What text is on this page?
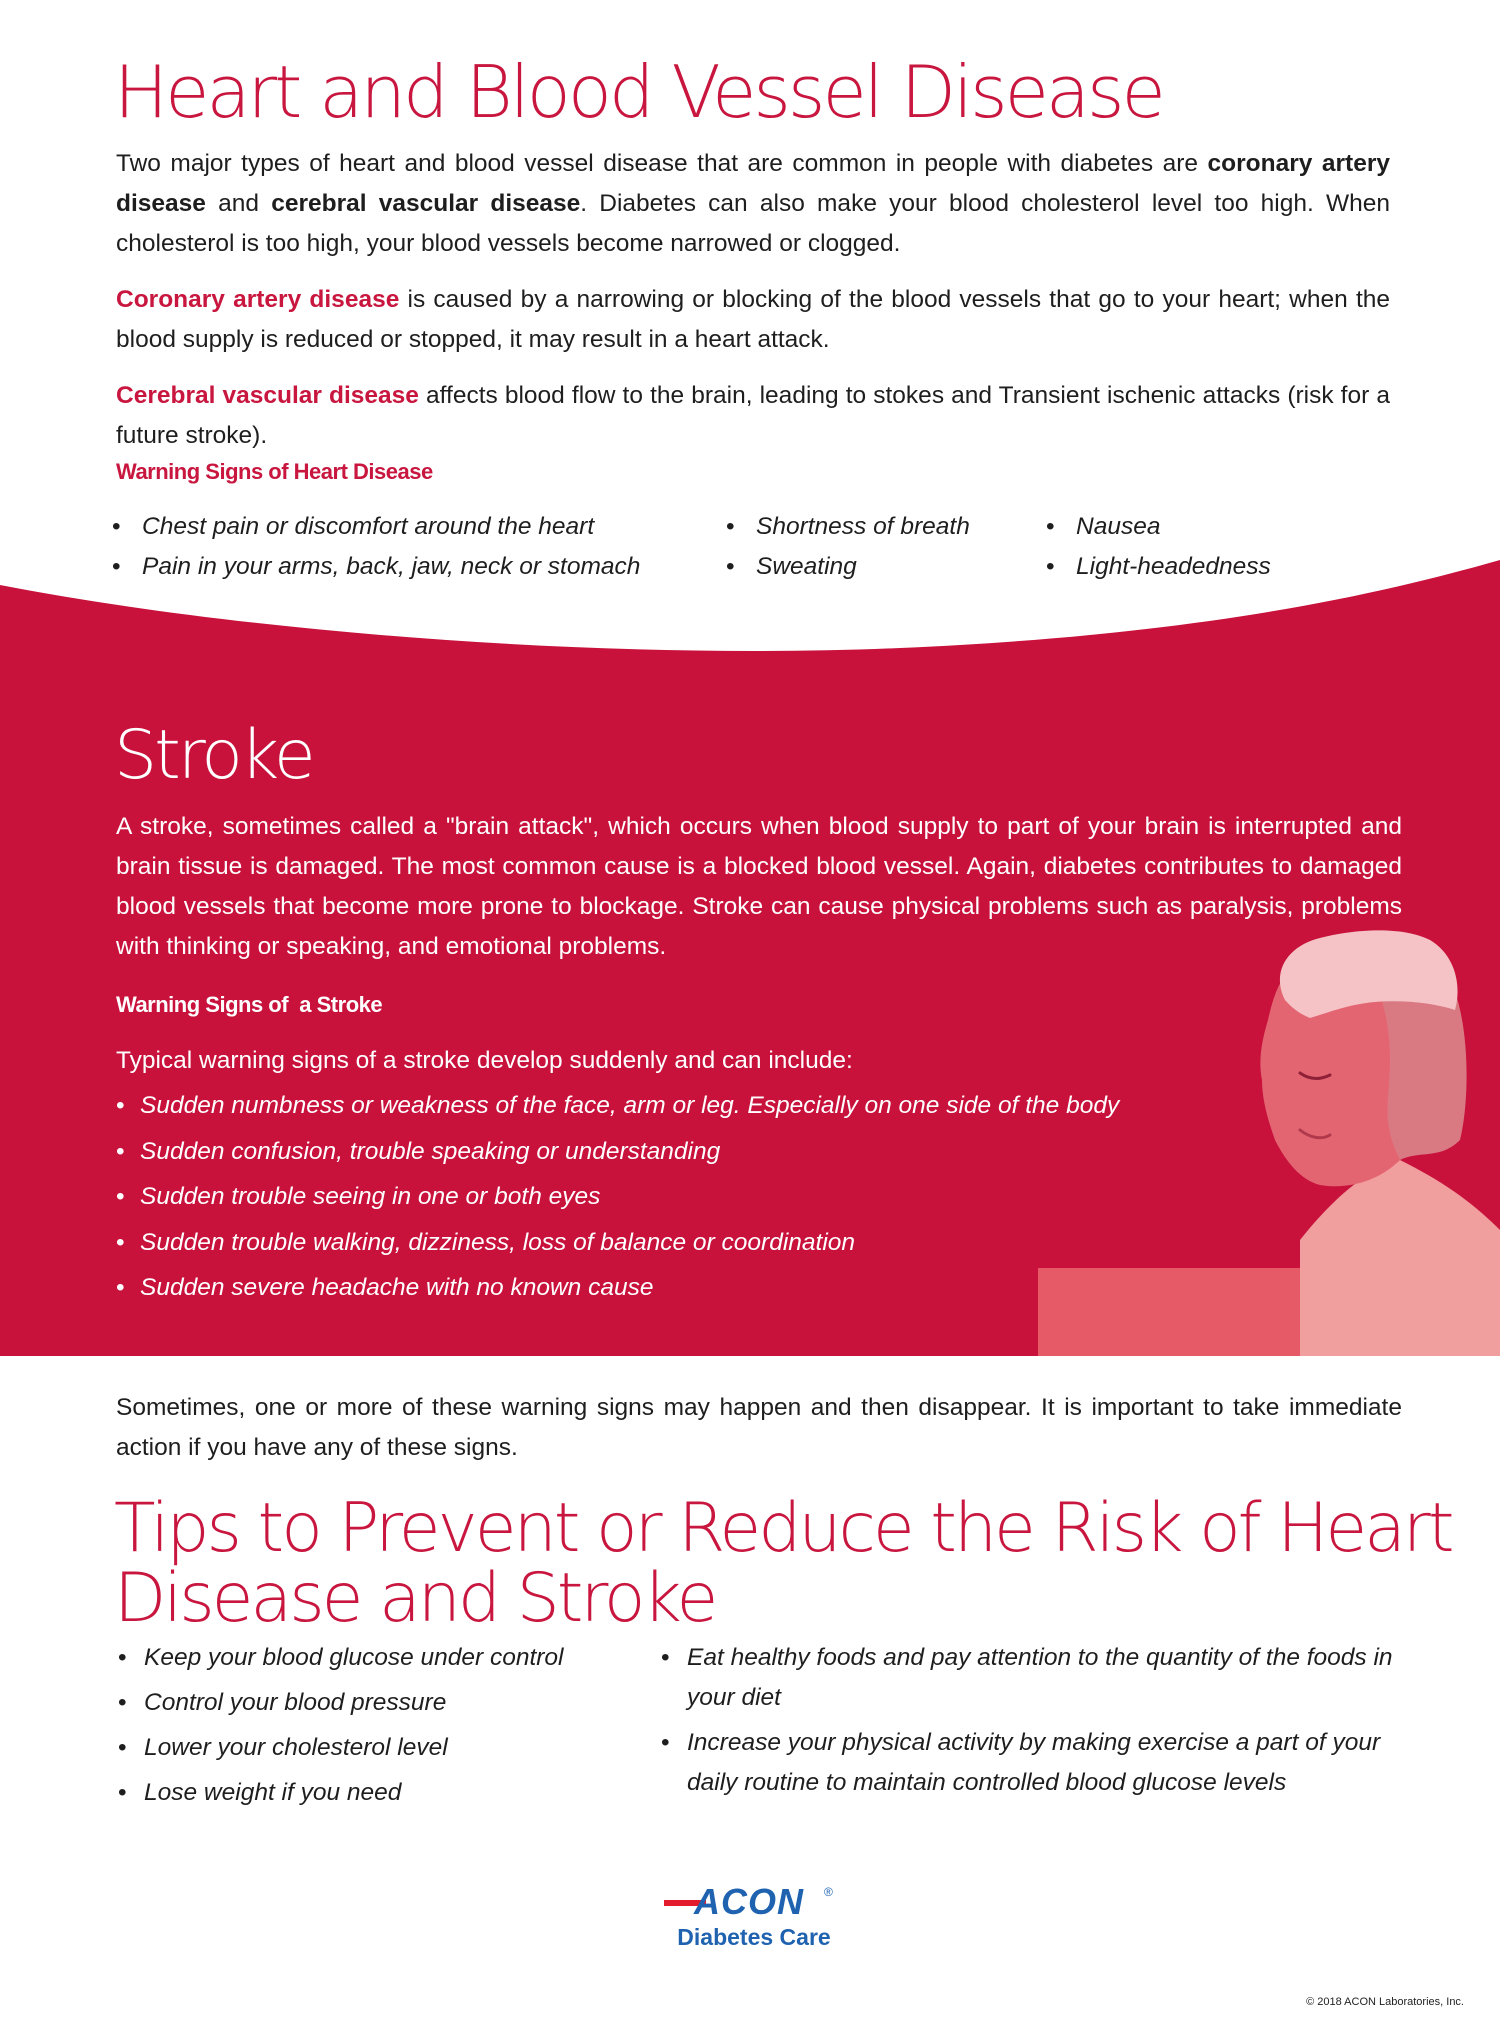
Heart and Blood Vessel Disease

Two major types of heart and blood vessel disease that are common in people with diabetes are coronary artery disease and cerebral vascular disease. Diabetes can also make your blood cholesterol level too high. When cholesterol is too high, your blood vessels become narrowed or clogged.

Coronary artery disease is caused by a narrowing or blocking of the blood vessels that go to your heart; when the blood supply is reduced or stopped, it may result in a heart attack.

Cerebral vascular disease affects blood flow to the brain, leading to stokes and Transient ischenic attacks (risk for a future stroke).

Warning Signs of Heart Disease
• Chest pain or discomfort around the heart
• Pain in your arms, back, jaw, neck or stomach
• Shortness of breath
• Sweating
• Nausea
• Light-headedness
Stroke

A stroke, sometimes called a "brain attack", which occurs when blood supply to part of your brain is interrupted and brain tissue is damaged. The most common cause is a blocked blood vessel. Again, diabetes contributes to damaged blood vessels that become more prone to blockage. Stroke can cause physical problems such as paralysis, problems with thinking or speaking, and emotional problems.

Warning Signs of  a Stroke

Typical warning signs of a stroke develop suddenly and can include:

• Sudden numbness or weakness of the face, arm or leg. Especially on one side of the body
• Sudden confusion, trouble speaking or understanding
• Sudden trouble seeing in one or both eyes
• Sudden trouble walking, dizziness, loss of balance or coordination
• Sudden severe headache with no known cause

Sometimes, one or more of these warning signs may happen and then disappear. It is important to take immediate action if you have any of these signs.

Tips to Prevent or Reduce the Risk of Heart
Disease and Stroke
• Keep your blood glucose under control
• Control your blood pressure
• Lower your cholesterol level
• Lose weight if you need
• Eat healthy foods and pay attention to the quantity of the foods in your diet
• Increase your physical activity by making exercise a part of your daily routine to maintain controlled blood glucose levels
ACON ®
Diabetes Care
© 2018 ACON Laboratories, Inc.
